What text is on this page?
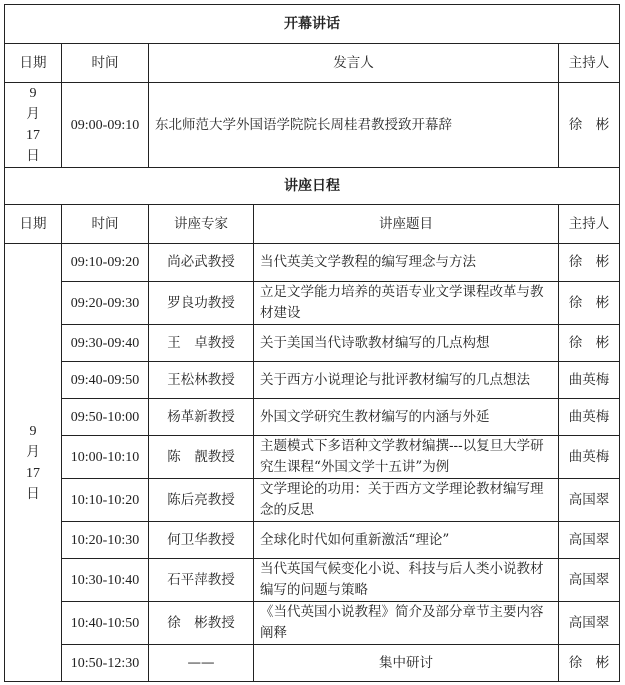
开幕讲话			
日期	时间	发言人	主持人

9
月
17
日	09:00-09:10	东北师范大学外国语学院院长周桂君教授致开幕辞	徐　彬
讲座日程				
日期	时间	讲座专家	讲座题目	主持人

9
月
17
日	09:10-09:20	尚必武教授	当代英美文学教程的编写理念与方法	徐　彬
	09:20-09:30	罗良功教授	立足文学能力培养的英语专业文学课程改革与教材建设	徐　彬
	09:30-09:40	王　卓教授	关于美国当代诗歌教材编写的几点构想	徐　彬
	09:40-09:50	王松林教授	关于西方小说理论与批评教材编写的几点想法	曲英梅
	09:50-10:00	杨革新教授	外国文学研究生教材编写的内涵与外延	曲英梅
	10:00-10:10	陈　靓教授	主题模式下多语种文学教材编撰---以复旦大学研究生课程“外国文学十五讲”为例	曲英梅
	10:10-10:20	陈后亮教授	文学理论的功用：关于西方文学理论教材编写理念的反思	高国翠
	10:20-10:30	何卫华教授	全球化时代如何重新激活“理论”	高国翠
	10:30-10:40	石平萍教授	当代英国气候变化小说、科技与后人类小说教材编写的问题与策略	高国翠
	10:40-10:50	徐　彬教授	《当代英国小说教程》简介及部分章节主要内容阐释	高国翠
	10:50-12:30	——	集中研讨	徐　彬
